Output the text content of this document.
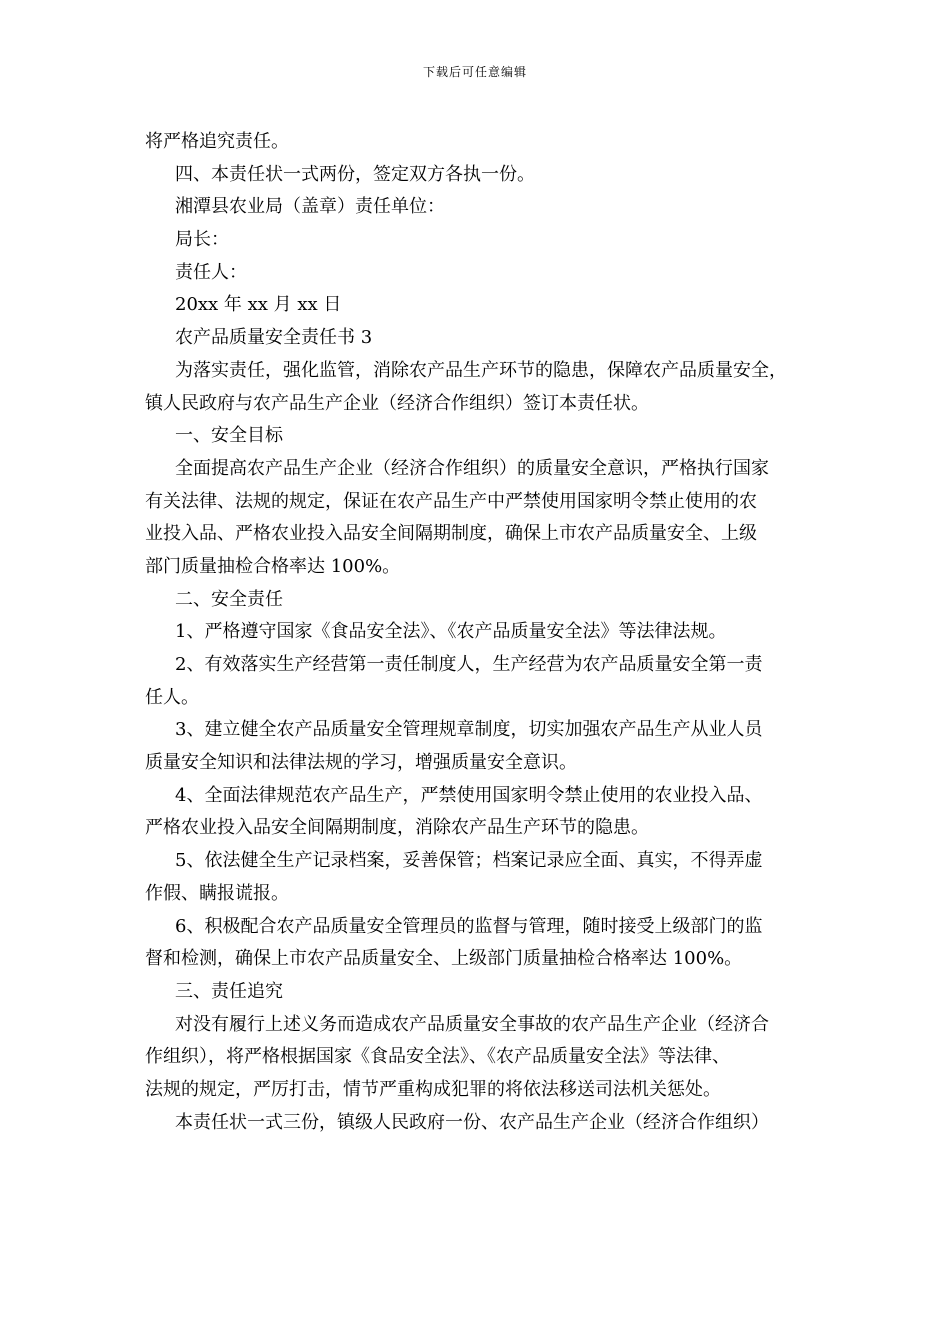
下载后可任意编辑
将严格追究责任。
四、本责任状一式两份，签定双方各执一份。
湘潭县农业局（盖章）责任单位：
局长：
责任人：
20xx 年 xx 月 xx 日
农产品质量安全责任书 3
为落实责任，强化监管，消除农产品生产环节的隐患，保障农产品质量安全，
镇人民政府与农产品生产企业（经济合作组织）签订本责任状。
一、安全目标
全面提高农产品生产企业（经济合作组织）的质量安全意识，严格执行国家
有关法律、法规的规定，保证在农产品生产中严禁使用国家明令禁止使用的农
业投入品、严格农业投入品安全间隔期制度，确保上市农产品质量安全、上级
部门质量抽检合格率达 100%。
二、安全责任
1、严格遵守国家《食品安全法》、《农产品质量安全法》等法律法规。
2、有效落实生产经营第一责任制度人，生产经营为农产品质量安全第一责
任人。
3、建立健全农产品质量安全管理规章制度，切实加强农产品生产从业人员
质量安全知识和法律法规的学习，增强质量安全意识。
4、全面法律规范农产品生产，严禁使用国家明令禁止使用的农业投入品、
严格农业投入品安全间隔期制度，消除农产品生产环节的隐患。
5、依法健全生产记录档案，妥善保管；档案记录应全面、真实，不得弄虚
作假、瞒报谎报。
6、积极配合农产品质量安全管理员的监督与管理，随时接受上级部门的监
督和检测，确保上市农产品质量安全、上级部门质量抽检合格率达 100%。
三、责任追究
对没有履行上述义务而造成农产品质量安全事故的农产品生产企业（经济合
作组织），将严格根据国家《食品安全法》、《农产品质量安全法》等法律、
法规的规定，严厉打击，情节严重构成犯罪的将依法移送司法机关惩处。
本责任状一式三份，镇级人民政府一份、农产品生产企业（经济合作组织）
